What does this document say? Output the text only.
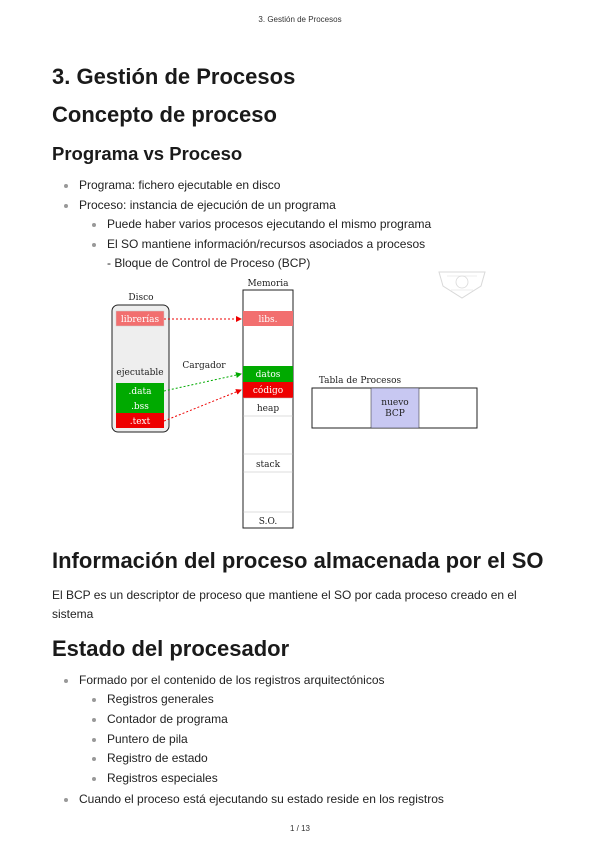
3. Gestión de Procesos
3. Gestión de Procesos
Concepto de proceso
Programa vs Proceso
Programa: fichero ejecutable en disco
Proceso: instancia de ejecución de un programa
Puede haber varios procesos ejecutando el mismo programa
El SO mantiene información/recursos asociados a procesos
- Bloque de Control de Proceso (BCP)
Información del proceso almacenada por el SO
El BCP es un descriptor de proceso que mantiene el SO por cada proceso creado en el
sistema
Estado del procesador
Formado por el contenido de los registros arquitectónicos
Registros generales
Contador de programa
Puntero de pila
Registro de estado
Registros especiales
Cuando el proceso está ejecutando su estado reside en los registros
Disco
librerías
ejecutable
.data
.bss
.text
Cargador
Memoria
libs.
datos
código
heap
stack
S.O.
Tabla de Procesos
nuevo
BCP
1 / 13
